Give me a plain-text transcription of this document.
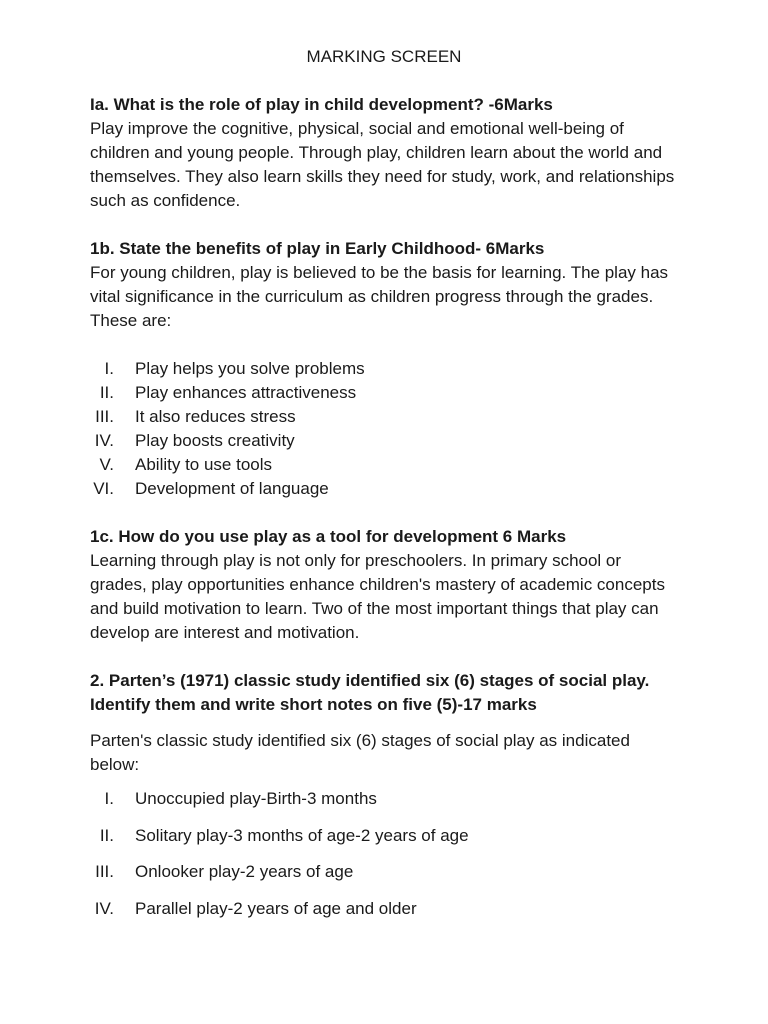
MARKING SCREEN

Ia. What is the role of play in child development? -6Marks

Play improve the cognitive, physical, social and emotional well-being of children and young people. Through play, children learn about the world and themselves. They also learn skills they need for study, work, and relationships such as confidence.

1b. State the benefits of play in Early Childhood- 6Marks

For young children, play is believed to be the basis for learning. The play has vital significance in the curriculum as children progress through the grades. These are:

I. Play helps you solve problems
II. Play enhances attractiveness
III. It also reduces stress
IV. Play boosts creativity
V. Ability to use tools
VI. Development of language

1c. How do you use play as a tool for development 6 Marks

Learning through play is not only for preschoolers. In primary school or grades, play opportunities enhance children's mastery of academic concepts and build motivation to learn. Two of the most important things that play can develop are interest and motivation.

2. Parten’s (1971) classic study identified six (6) stages of social play. Identify them and write short notes on five (5)-17 marks

Parten's classic study identified six (6) stages of social play as indicated below:

I. Unoccupied play-Birth-3 months
II. Solitary play-3 months of age-2 years of age
III. Onlooker play-2 years of age
IV. Parallel play-2 years of age and older
